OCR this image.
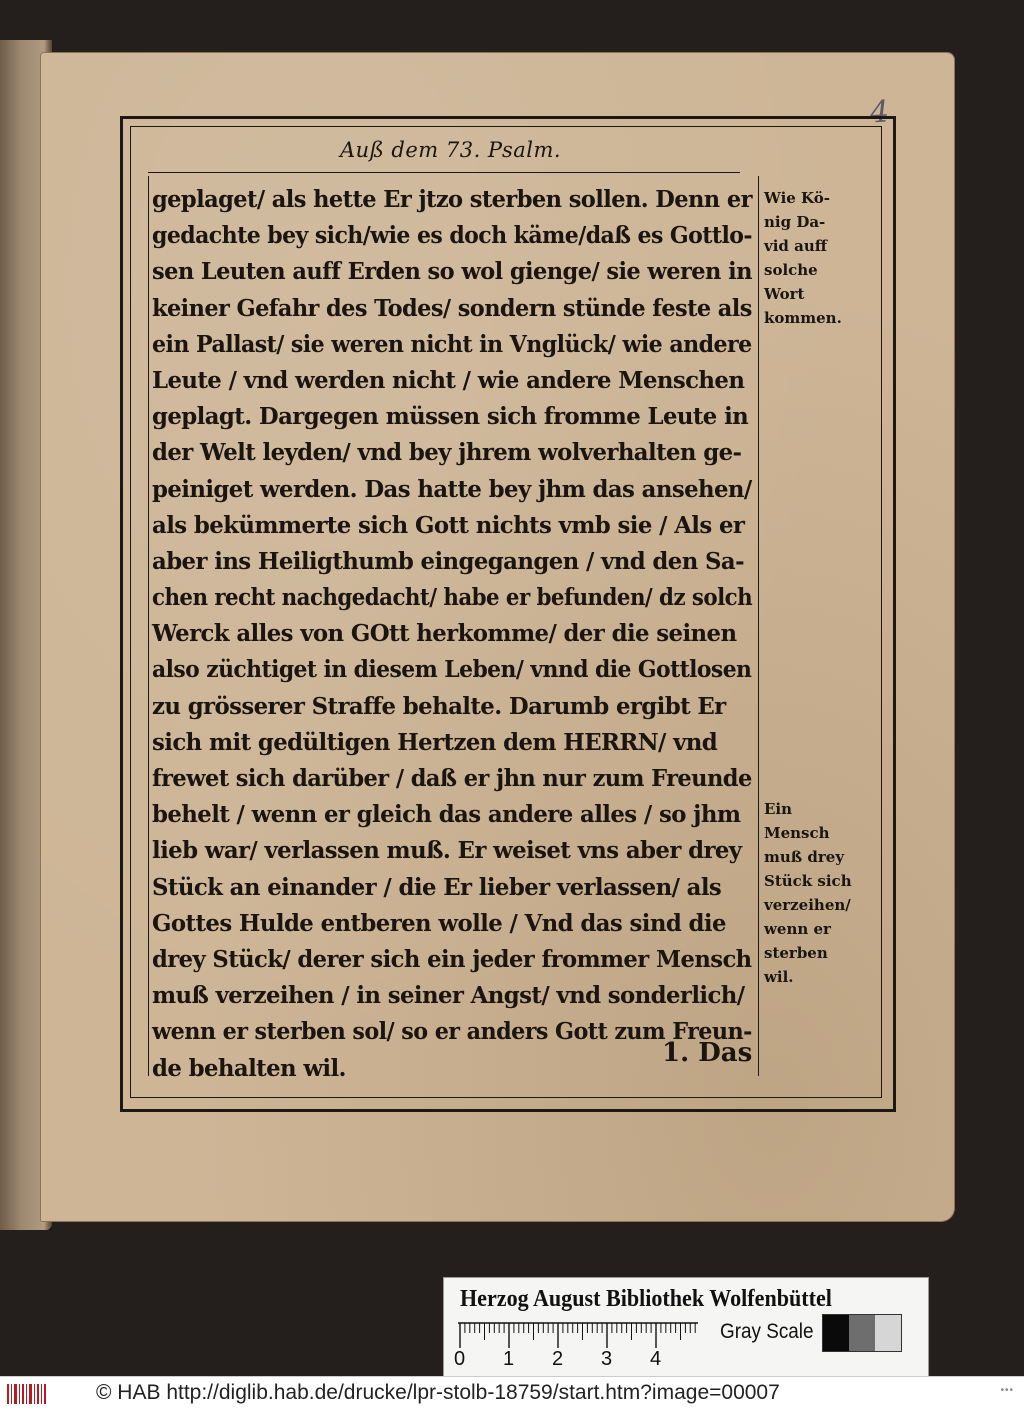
4
Auß dem 73. Psalm.
geplaget/ als hette Er jtzo sterben sollen. Denn er
gedachte bey sich/wie es doch käme/daß es Gottlo-
sen Leuten auff Erden so wol gienge/ sie weren in
keiner Gefahr des Todes/ sondern stünde feste als
ein Pallast/ sie weren nicht in Vnglück/ wie andere
Leute / vnd werden nicht / wie andere Menschen
geplagt. Dargegen müssen sich fromme Leute in
der Welt leyden/ vnd bey jhrem wolverhalten ge-
peiniget werden. Das hatte bey jhm das ansehen/
als bekümmerte sich Gott nichts vmb sie / Als er
aber ins Heiligthumb eingegangen / vnd den Sa-
chen recht nachgedacht/ habe er befunden/ dz solch
Werck alles von GOtt herkomme/ der die seinen
also züchtiget in diesem Leben/ vnnd die Gottlosen
zu grösserer Straffe behalte. Darumb ergibt Er
sich mit gedültigen Hertzen dem HERRN/ vnd
frewet sich darüber / daß er jhn nur zum Freunde
behelt / wenn er gleich das andere alles / so jhm
lieb war/ verlassen muß. Er weiset vns aber drey
Stück an einander / die Er lieber verlassen/ als
Gottes Hulde entberen wolle / Vnd das sind die
drey Stück/ derer sich ein jeder frommer Mensch
muß verzeihen / in seiner Angst/ vnd sonderlich/
wenn er sterben sol/ so er anders Gott zum Freun-
de behalten wil.	1. Das
Wie Kö-
nig Da-
vid auff
solche
Wort
kommen.
Ein
Mensch
muß drey
Stück sich
verzeihen/
wenn er
sterben
wil.
Herzog August Bibliothek Wolfenbüttel
0 1 2 3 4
Gray Scale
© HAB http://diglib.hab.de/drucke/lpr-stolb-18759/start.htm?image=00007	•••
